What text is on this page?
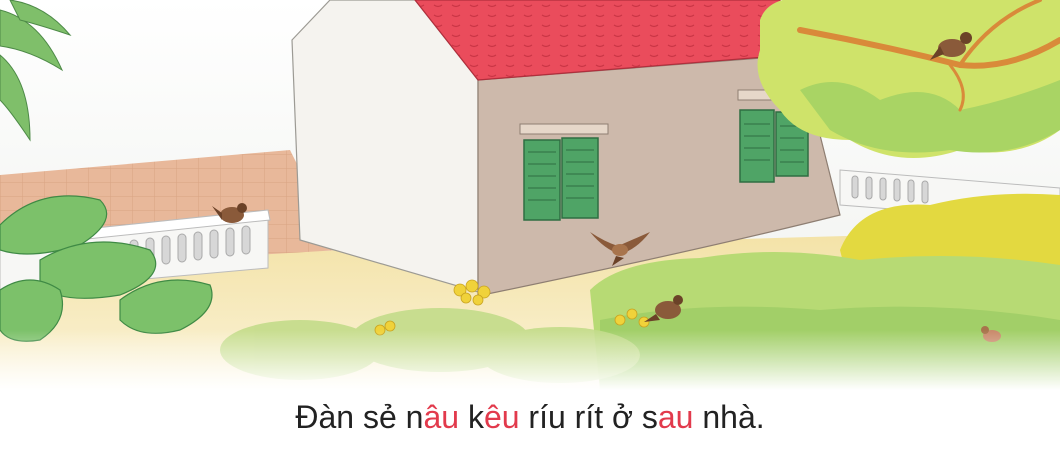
Đàn sẻ nâu kêu ríu rít ở sau nhà.
